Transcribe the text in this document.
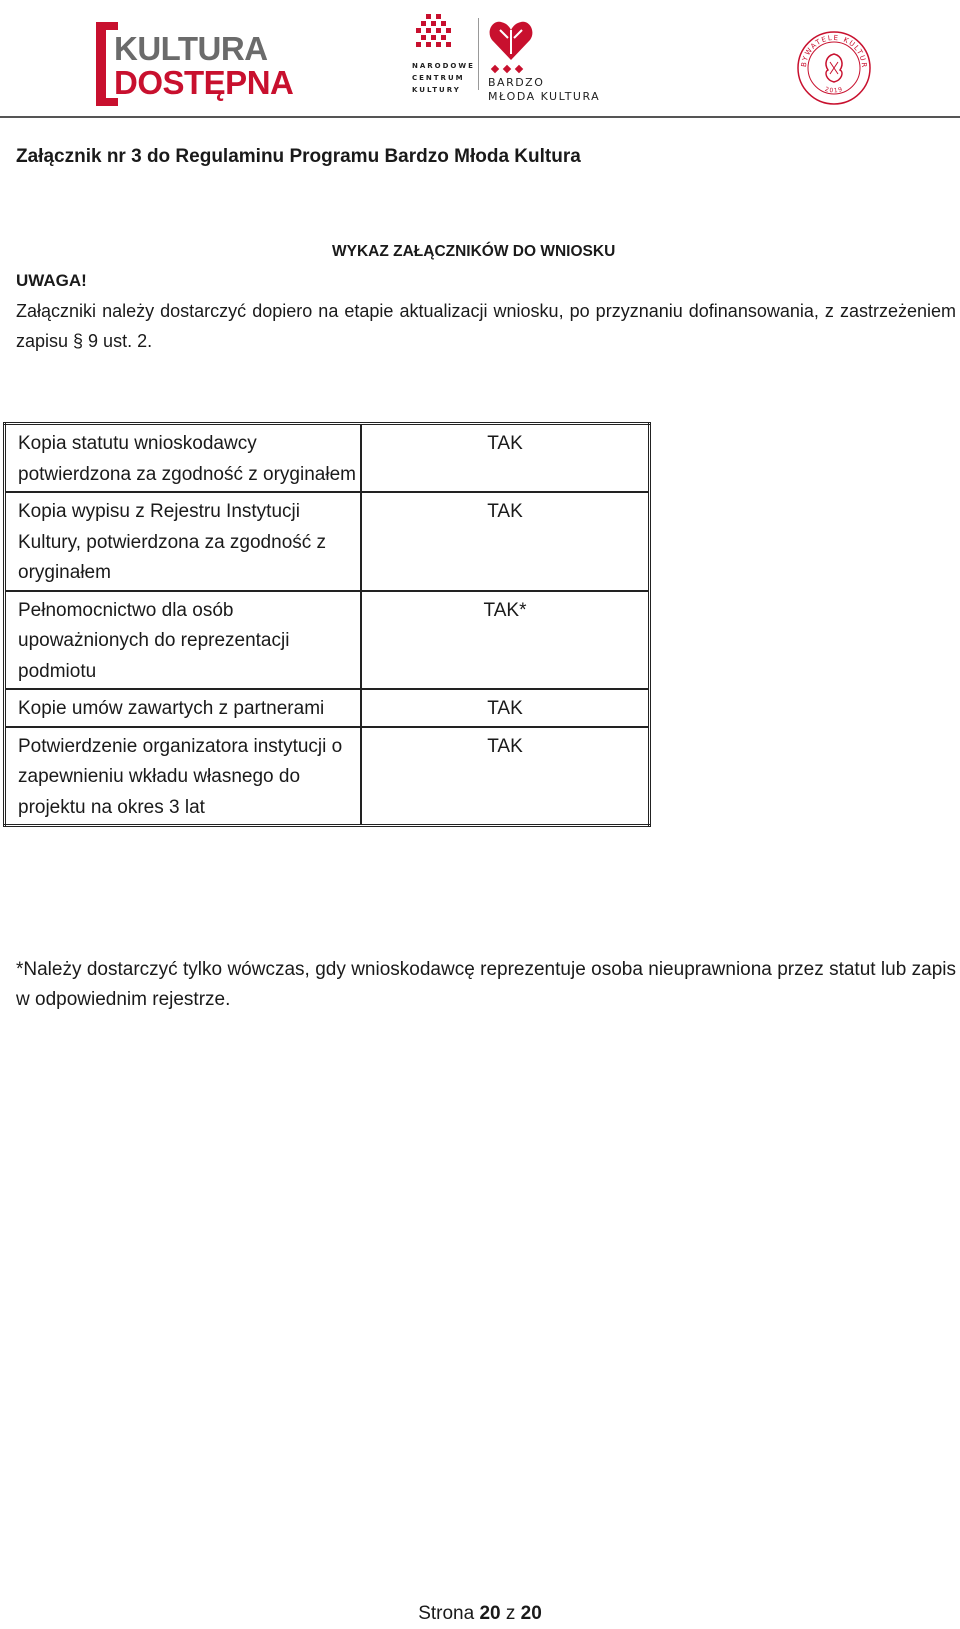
KULTURA
DOSTĘPNA	NARODOWE
CENTRUM
KULTURY
BARDZO
MŁODA KULTURA
BYWATELE KULTUR
2019
Załącznik nr 3 do Regulaminu Programu Bardzo Młoda Kultura
WYKAZ ZAŁĄCZNIKÓW DO WNIOSKU
UWAGA!
Załączniki należy dostarczyć dopiero na etapie aktualizacji wniosku, po przyznaniu dofinansowania, z zastrzeżeniem zapisu § 9 ust. 2.
Kopia statutu wnioskodawcy potwierdzona za zgodność z oryginałem	TAK
Kopia wypisu z Rejestru Instytucji Kultury, potwierdzona za zgodność z oryginałem	TAK
Pełnomocnictwo dla osób upoważnionych do reprezentacji podmiotu	TAK*
Kopie umów zawartych z partnerami	TAK
Potwierdzenie organizatora instytucji o zapewnieniu wkładu własnego do projektu na okres 3 lat	TAK
*Należy dostarczyć tylko wówczas, gdy wnioskodawcę reprezentuje osoba nieuprawniona przez statut lub zapis w odpowiednim rejestrze.
Strona 20 z 20
